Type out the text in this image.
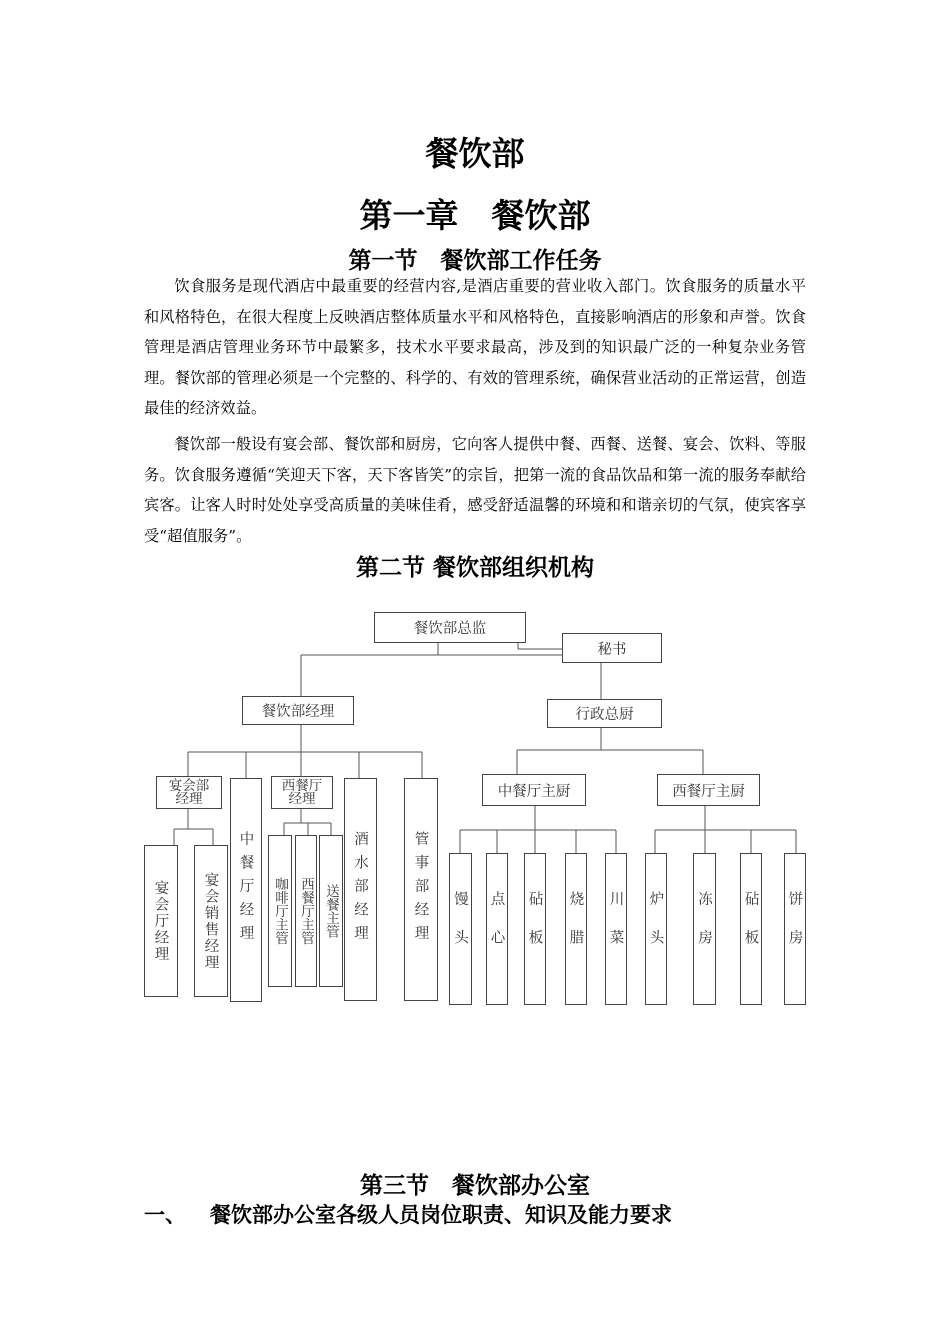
餐饮部
第一章　餐饮部
第一节　餐饮部工作任务
饮食服务是现代酒店中最重要的经营内容,是酒店重要的营业收入部门。饮食服务的质量水平和风格特色，在很大程度上反映酒店整体质量水平和风格特色，直接影响酒店的形象和声誉。饮食管理是酒店管理业务环节中最繁多，技术水平要求最高，涉及到的知识最广泛的一种复杂业务管理。餐饮部的管理必须是一个完整的、科学的、有效的管理系统，确保营业活动的正常运营，创造最佳的经济效益。
餐饮部一般设有宴会部、餐饮部和厨房，它向客人提供中餐、西餐、送餐、宴会、饮料、等服务。饮食服务遵循“笑迎天下客，天下客皆笑”的宗旨，把第一流的食品饮品和第一流的服务奉献给宾客。让客人时时处处享受高质量的美味佳肴，感受舒适温馨的环境和和谐亲切的气氛，使宾客享受“超值服务”。
第二节 餐饮部组织机构
餐饮部总监
秘书
餐饮部经理	行政总厨
宴会部经理
中餐厅经理
西餐厅经理
酒水部经理	管事部经理
宴会厅经理 宴会销售经理	咖啡厅主管 西餐厅主管 送餐主管
中餐厅主厨	西餐厅主厨
馒头 点心 砧板 烧腊 川菜 炉头 冻房 砧板 饼房
第三节　餐饮部办公室
一、 餐饮部办公室各级人员岗位职责、知识及能力要求
